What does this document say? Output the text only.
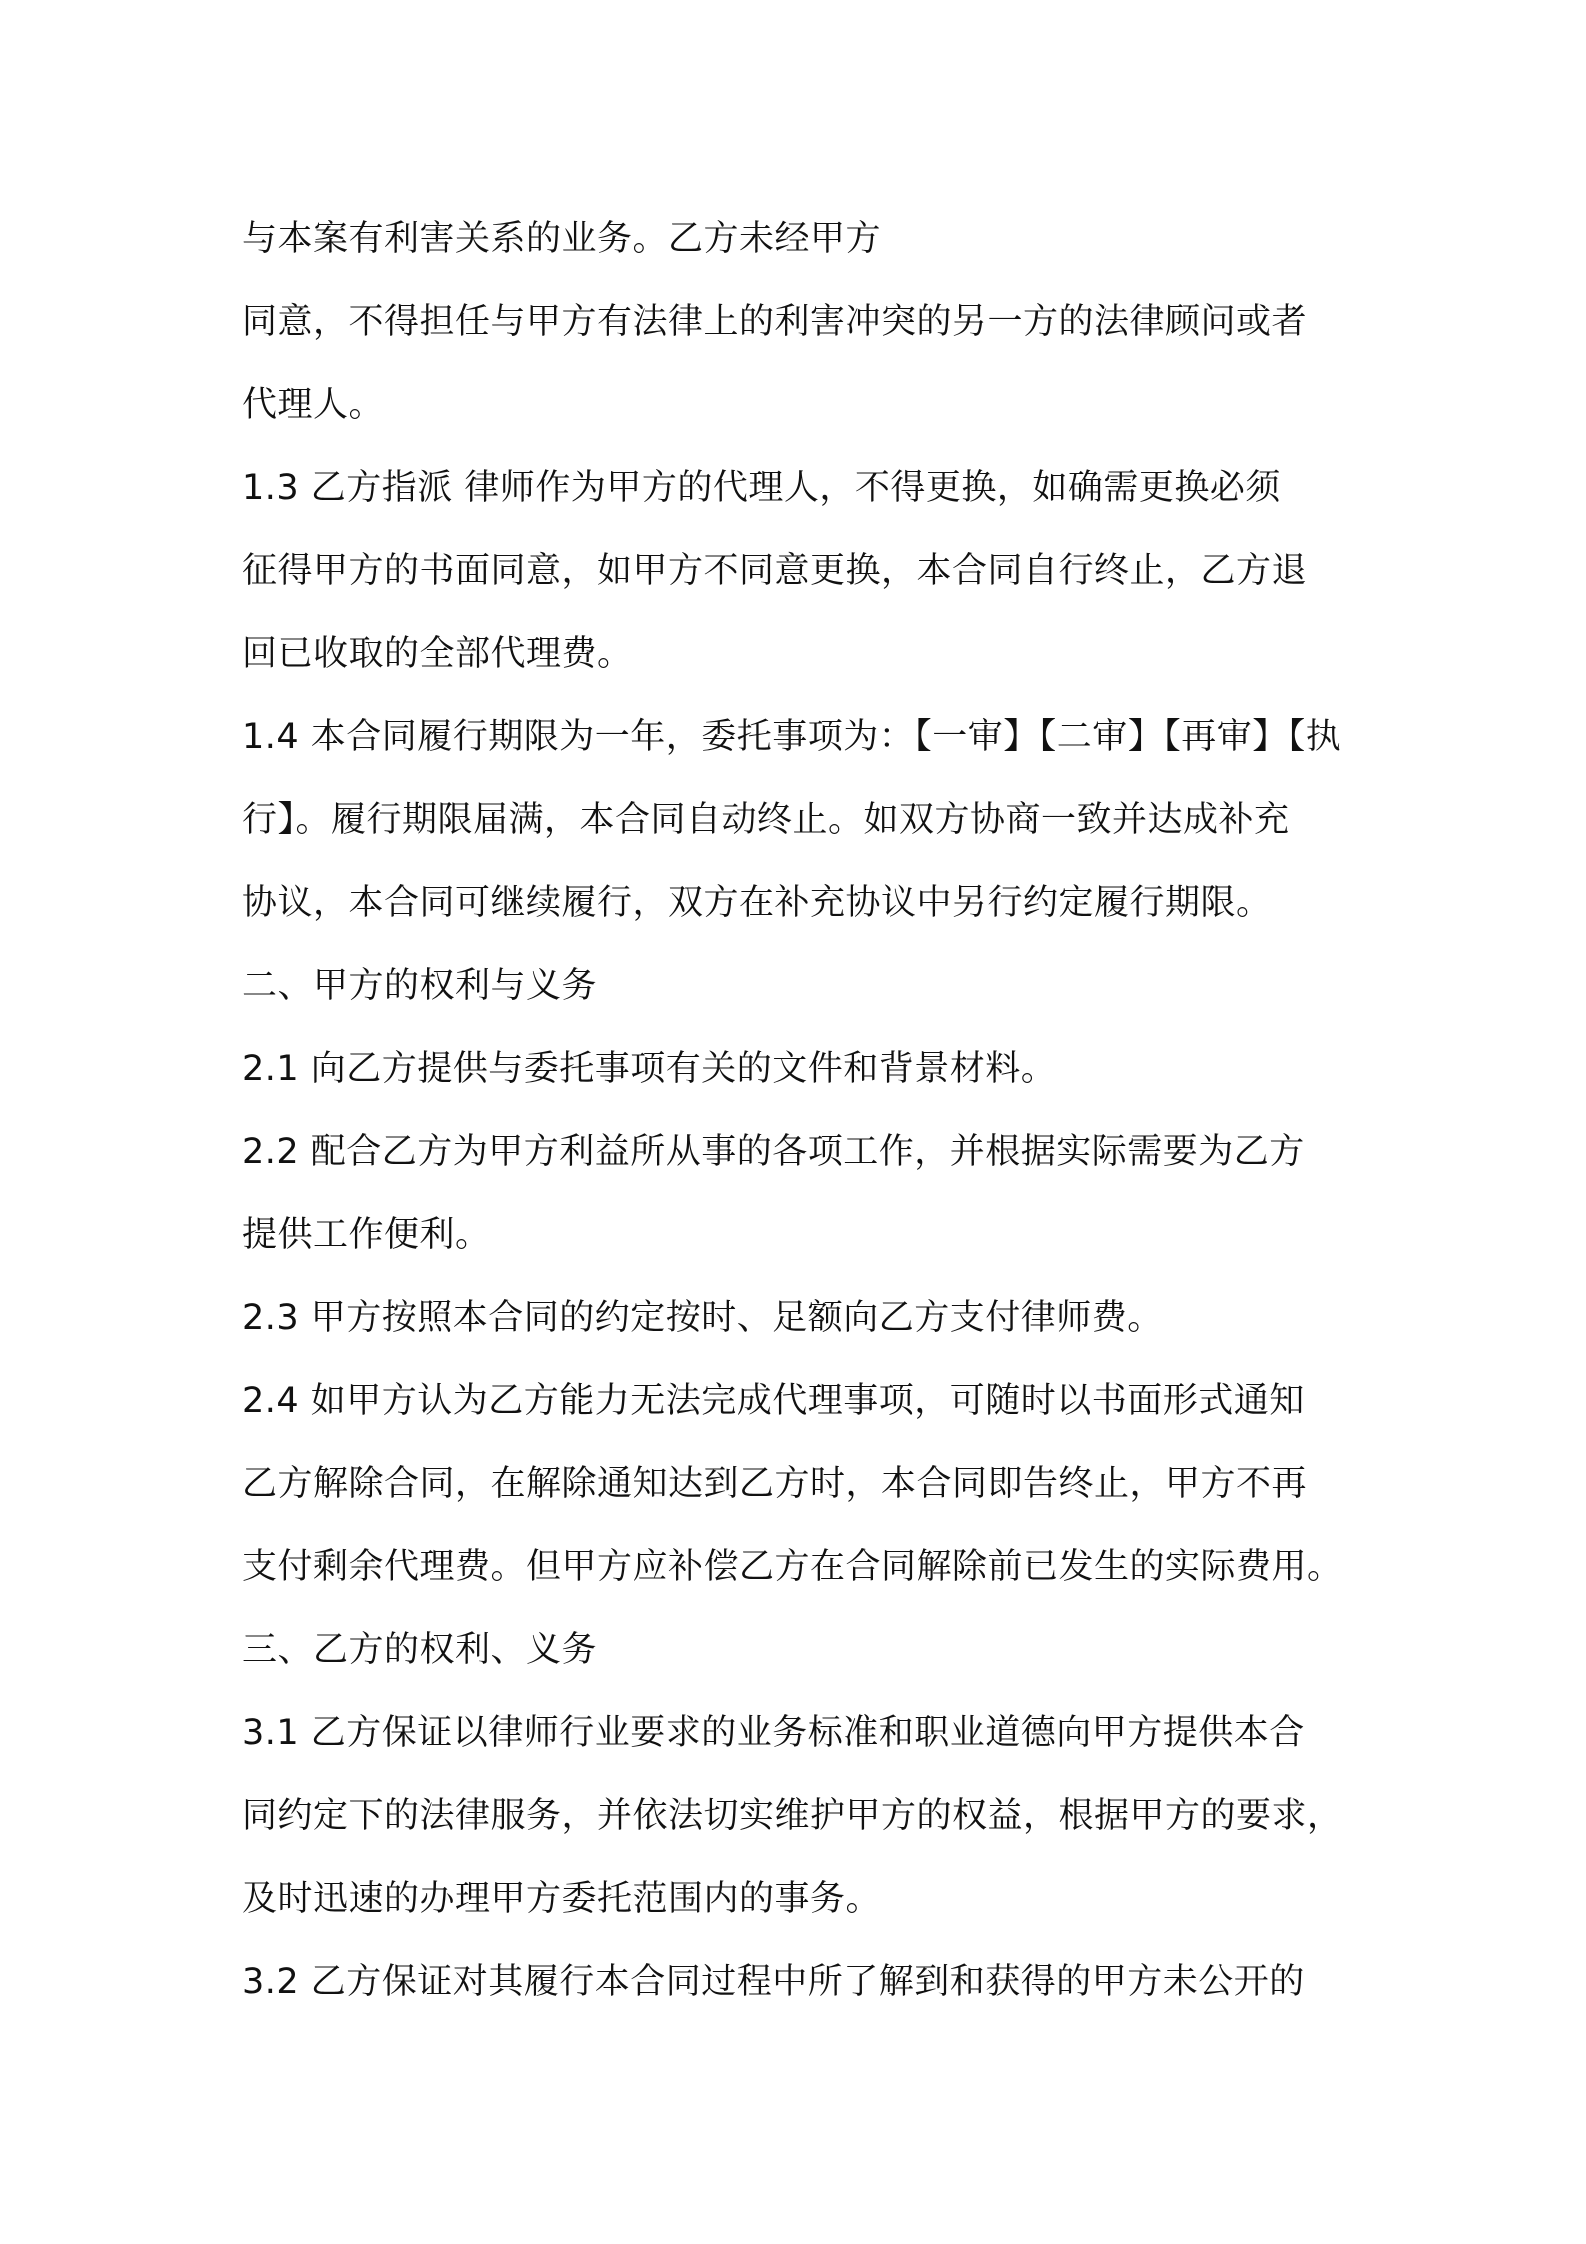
与本案有利害关系的业务。乙方未经甲方
同意，不得担任与甲方有法律上的利害冲突的另一方的法律顾问或者
代理人。
1.3 乙方指派 律师作为甲方的代理人，不得更换，如确需更换必须
征得甲方的书面同意，如甲方不同意更换，本合同自行终止，乙方退
回已收取的全部代理费。
1.4 本合同履行期限为一年，委托事项为：【一审】【二审】【再审】【执
行】。履行期限届满，本合同自动终止。如双方协商一致并达成补充
协议，本合同可继续履行，双方在补充协议中另行约定履行期限。
二、甲方的权利与义务
2.1 向乙方提供与委托事项有关的文件和背景材料。
2.2 配合乙方为甲方利益所从事的各项工作，并根据实际需要为乙方
提供工作便利。
2.3 甲方按照本合同的约定按时、足额向乙方支付律师费。
2.4 如甲方认为乙方能力无法完成代理事项，可随时以书面形式通知
乙方解除合同，在解除通知达到乙方时，本合同即告终止，甲方不再
支付剩余代理费。但甲方应补偿乙方在合同解除前已发生的实际费用。
三、乙方的权利、义务
3.1 乙方保证以律师行业要求的业务标准和职业道德向甲方提供本合
同约定下的法律服务，并依法切实维护甲方的权益，根据甲方的要求，
及时迅速的办理甲方委托范围内的事务。
3.2 乙方保证对其履行本合同过程中所了解到和获得的甲方未公开的
